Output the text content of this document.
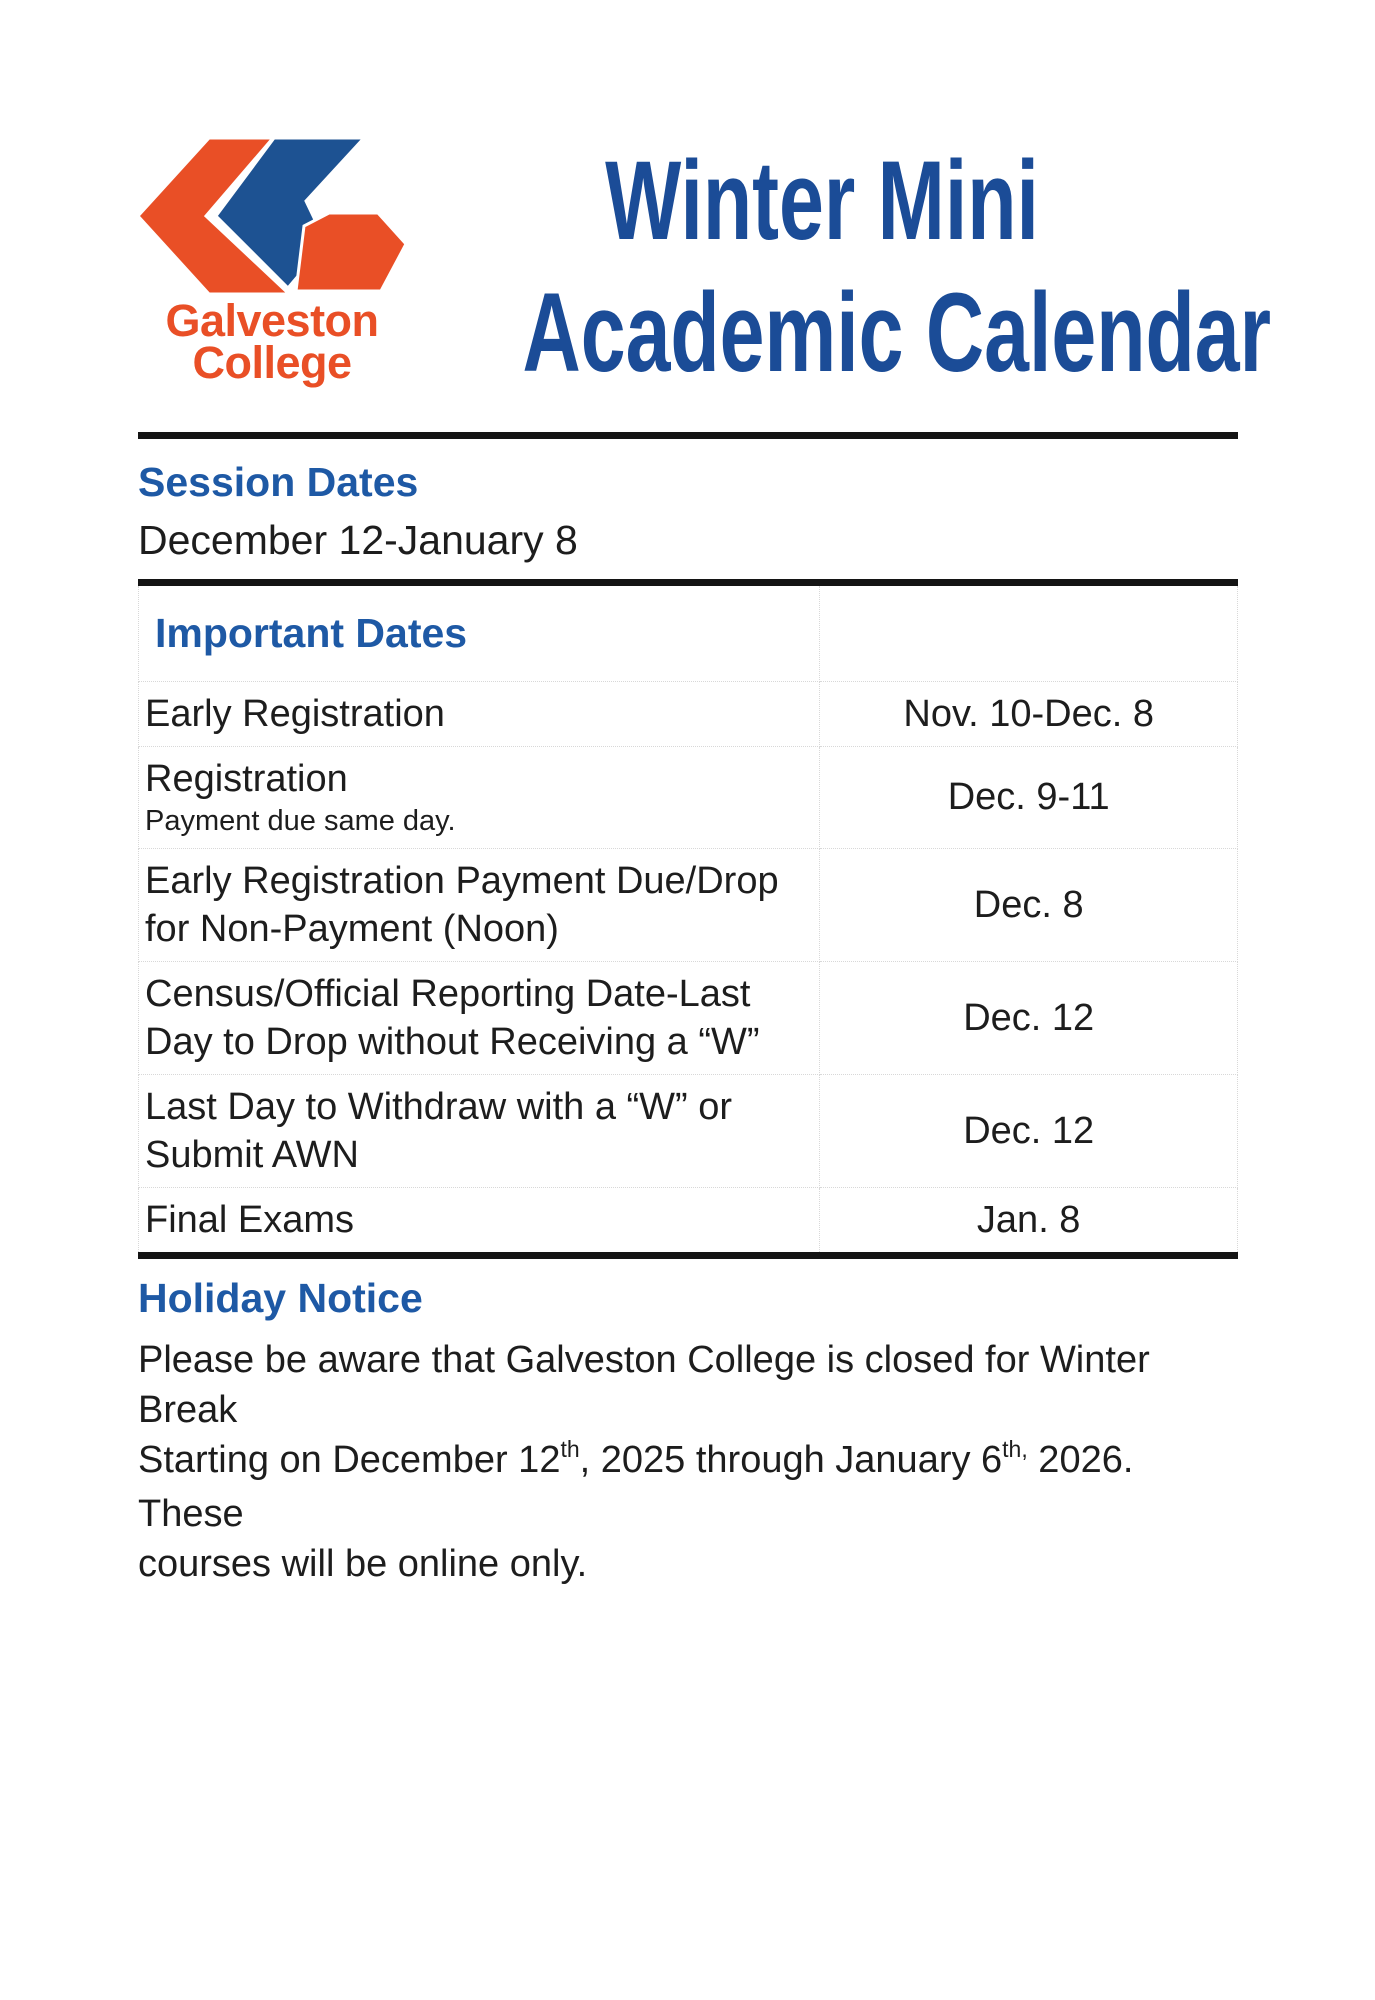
Galveston
College
Winter Mini
Academic Calendar
Session Dates

December 12-January 8

Important Dates	

Early Registration	Nov. 10-Dec. 8

Registration
Payment due same day.	Dec. 9-11

Early Registration Payment Due/Drop for Non-Payment (Noon)	Dec. 8

Census/Official Reporting Date-Last Day to Drop without Receiving a “W”	Dec. 12

Last Day to Withdraw with a “W” or Submit AWN	Dec. 12

Final Exams	Jan. 8
Holiday Notice
Please be aware that Galveston College is closed for Winter Break
Starting on December 12th, 2025 through January $6^{th,}$ 2026. These
courses will be online only.
